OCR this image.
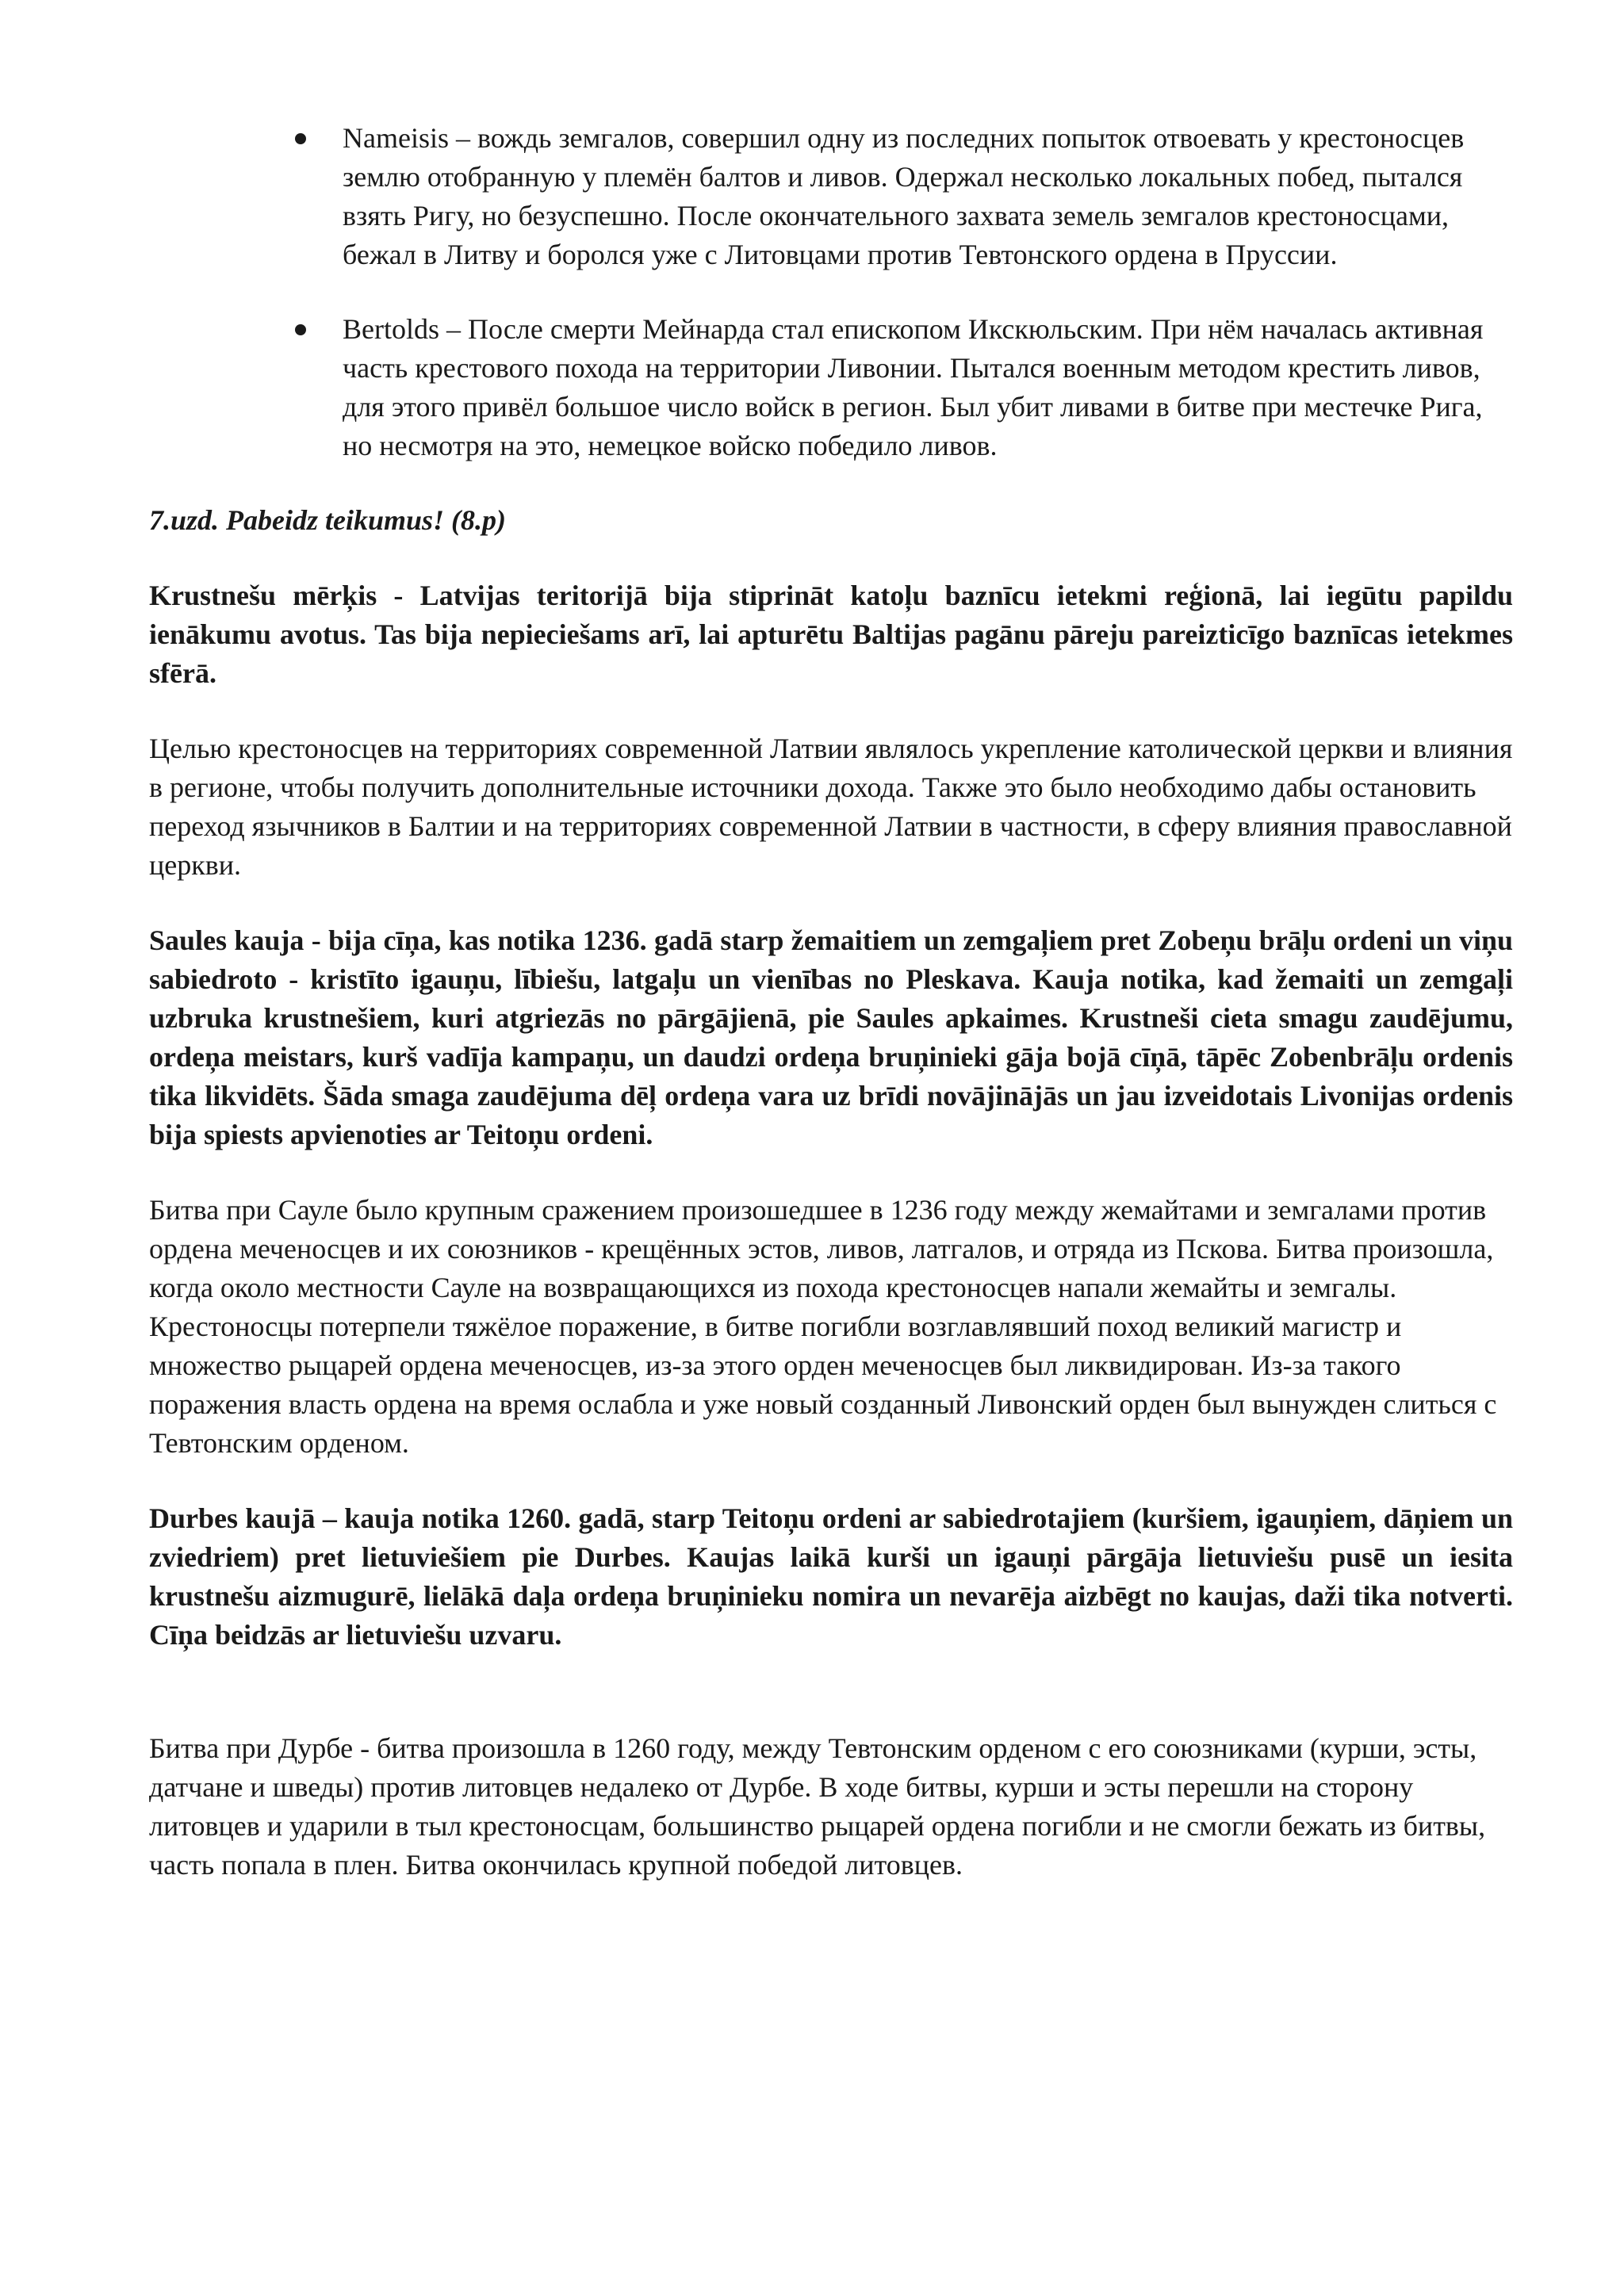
Nameisis – вождь земгалов, совершил одну из последних попыток отвоевать у крестоносцев землю отобранную у племён балтов и ливов. Одержал несколько локальных побед, пытался взять Ригу, но безуспешно. После окончательного захвата земель земгалов крестоносцами, бежал в Литву и боролся уже с Литовцами против Тевтонского ордена в Пруссии.
Bertolds – После смерти Мейнарда стал епископом Икскюльским. При нём началась активная часть крестового похода на территории Ливонии. Пытался военным методом крестить ливов, для этого привёл большое число войск в регион. Был убит ливами в битве при местечке Рига, но несмотря на это, немецкое войско победило ливов.

7.uzd. Pabeidz teikumus! (8.p)

Krustnešu mērķis - Latvijas teritorijā bija stiprināt katoļu baznīcu ietekmi reģionā, lai iegūtu papildu ienākumu avotus. Tas bija nepieciešams arī, lai apturētu Baltijas pagānu pāreju pareizticīgo baznīcas ietekmes sfērā.

Целью крестоносцев на территориях современной Латвии являлось укрепление католической церкви и влияния в регионе, чтобы получить дополнительные источники дохода. Также это было необходимо дабы остановить переход язычников в Балтии и на территориях современной Латвии в частности, в сферу влияния православной церкви.

Saules kauja - bija cīņa, kas notika 1236. gadā starp žemaitiem un zemgaļiem pret Zobeņu brāļu ordeni un viņu sabiedroto - kristīto igauņu, lībiešu, latgaļu un vienības no Pleskava. Kauja notika, kad žemaiti un zemgaļi uzbruka krustnešiem, kuri atgriezās no pārgājienā, pie Saules apkaimes. Krustneši cieta smagu zaudējumu, ordeņa meistars, kurš vadīja kampaņu, un daudzi ordeņa bruņinieki gāja bojā cīņā, tāpēc Zobenbrāļu ordenis tika likvidēts. Šāda smaga zaudējuma dēļ ordeņa vara uz brīdi novājinājās un jau izveidotais Livonijas ordenis bija spiests apvienoties ar Teitoņu ordeni.

Битва при Сауле было крупным сражением произошедшее в 1236 году между жемайтами и земгалами против ордена меченосцев и их союзников - крещённых эстов, ливов, латгалов, и отряда из Пскова. Битва произошла, когда около местности Сауле на возвращающихся из похода крестоносцев напали жемайты и земгалы. Крестоносцы потерпели тяжёлое поражение, в битве погибли возглавлявший поход великий магистр и множество рыцарей ордена меченосцев, из-за этого орден меченосцев был ликвидирован. Из-за такого поражения власть ордена на время ослабла и уже новый созданный Ливонский орден был вынужден слиться с Тевтонским орденом.

Durbes kaujā – kauja notika 1260. gadā, starp Teitoņu ordeni ar sabiedrotajiem (kuršiem, igauņiem, dāņiem un zviedriem) pret lietuviešiem pie Durbes. Kaujas laikā kurši un igauņi pārgāja lietuviešu pusē un iesita krustnešu aizmugurē, lielākā daļa ordeņa bruņinieku nomira un nevarēja aizbēgt no kaujas, daži tika notverti. Cīņa beidzās ar lietuviešu uzvaru.

Битва при Дурбе - битва произошла в 1260 году, между Тевтонским орденом с его союзниками (курши, эсты, датчане и шведы) против литовцев недалеко от Дурбе. В ходе битвы, курши и эсты перешли на сторону литовцев и ударили в тыл крестоносцам, большинство рыцарей ордена погибли и не смогли бежать из битвы, часть попала в плен. Битва окончилась крупной победой литовцев.
